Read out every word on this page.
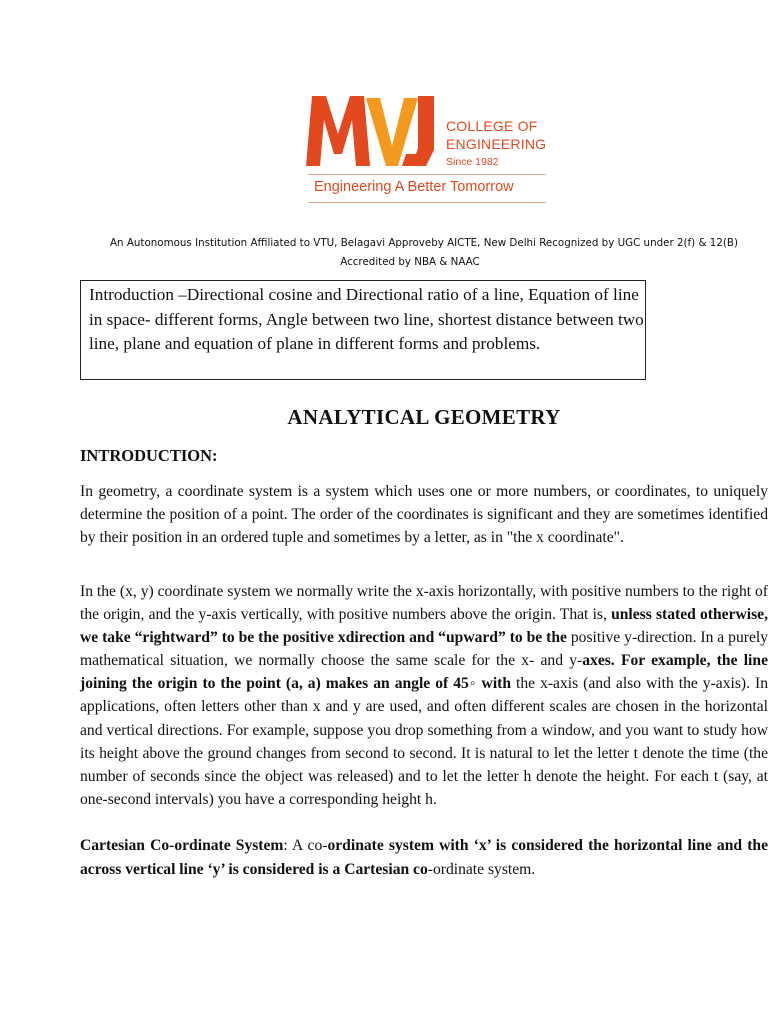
COLLEGE OF
ENGINEERING
Since 1982
Engineering A Better Tomorrow
An Autonomous Institution Affiliated to VTU, Belagavi Approveby AICTE, New Delhi Recognized by UGC under 2(f) & 12(B)

Accredited by NBA & NAAC
Introduction –Directional cosine and Directional ratio of a line, Equation of line in space- different forms, Angle between two line, shortest distance between two line, plane and equation of plane in different forms and problems.
ANALYTICAL GEOMETRY
INTRODUCTION:
In geometry, a coordinate system is a system which uses one or more numbers, or coordinates, to uniquely determine the position of a point. The order of the coordinates is significant and they are sometimes identified by their position in an ordered tuple and sometimes by a letter, as in "the x coordinate".
In the (x, y) coordinate system we normally write the x-axis horizontally, with positive numbers to the right of the origin, and the y-axis vertically, with positive numbers above the origin. That is, unless stated otherwise, we take “rightward” to be the positive xdirection and “upward” to be the positive y-direction. In a purely mathematical situation, we normally choose the same scale for the x- and y-axes. For example, the line joining the origin to the point (a, a) makes an angle of 45◦ with the x-axis (and also with the y-axis). In applications, often letters other than x and y are used, and often different scales are chosen in the horizontal and vertical directions. For example, suppose you drop something from a window, and you want to study how its height above the ground changes from second to second. It is natural to let the letter t denote the time (the number of seconds since the object was released) and to let the letter h denote the height. For each t (say, at one-second intervals) you have a corresponding height h.
Cartesian Co-ordinate System: A co-ordinate system with ‘x’ is considered the horizontal line and the across vertical line ‘y’ is considered is a Cartesian co-ordinate system.
